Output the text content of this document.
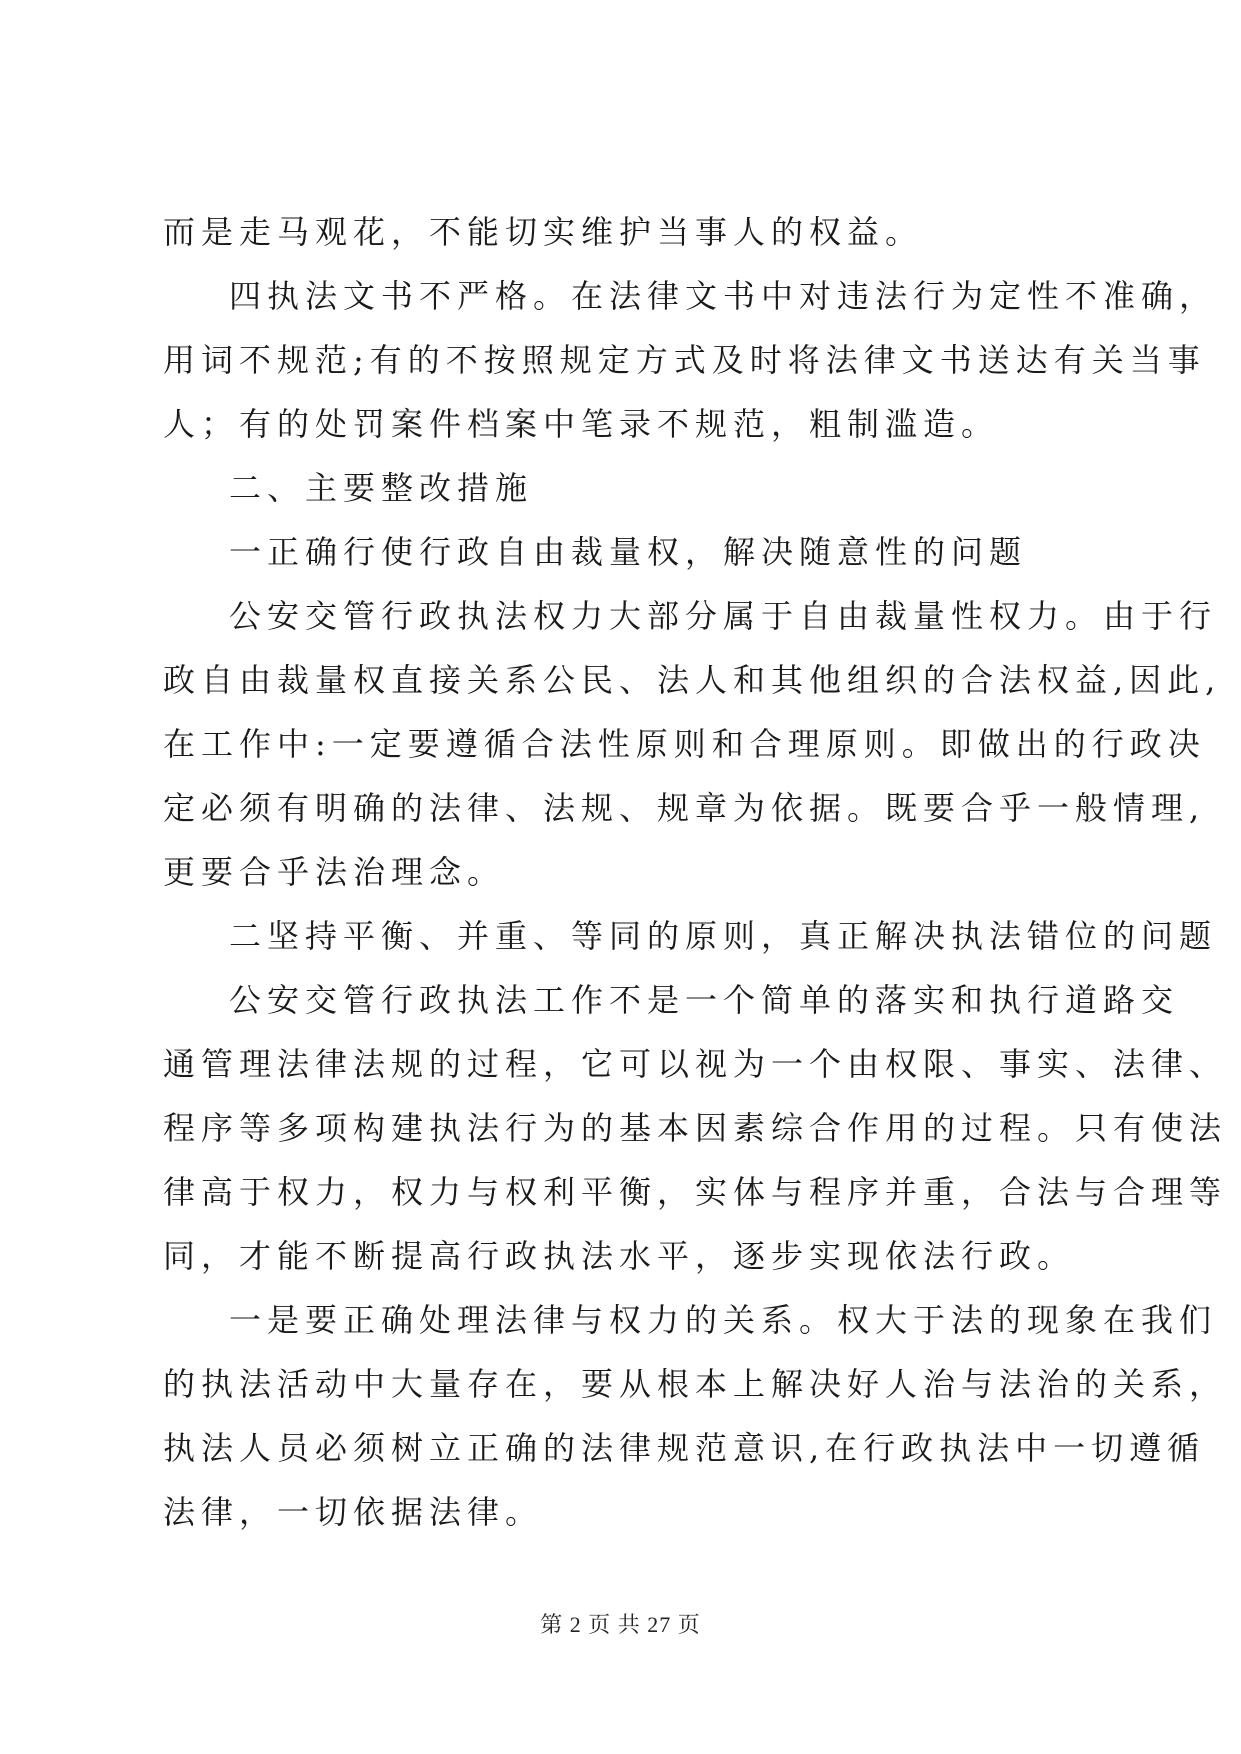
而是走马观花，不能切实维护当事人的权益。
四执法文书不严格。在法律文书中对违法行为定性不准确，
用词不规范;有的不按照规定方式及时将法律文书送达有关当事
人；有的处罚案件档案中笔录不规范，粗制滥造。
二、主要整改措施
一正确行使行政自由裁量权，解决随意性的问题
公安交管行政执法权力大部分属于自由裁量性权力。由于行
政自由裁量权直接关系公民、法人和其他组织的合法权益,因此,
在工作中:一定要遵循合法性原则和合理原则。即做出的行政决
定必须有明确的法律、法规、规章为依据。既要合乎一般情理,
更要合乎法治理念。
二坚持平衡、并重、等同的原则，真正解决执法错位的问题
公安交管行政执法工作不是一个简单的落实和执行道路交
通管理法律法规的过程，它可以视为一个由权限、事实、法律、
程序等多项构建执法行为的基本因素综合作用的过程。只有使法
律高于权力，权力与权利平衡，实体与程序并重，合法与合理等
同，才能不断提高行政执法水平，逐步实现依法行政。
一是要正确处理法律与权力的关系。权大于法的现象在我们
的执法活动中大量存在，要从根本上解决好人治与法治的关系，
执法人员必须树立正确的法律规范意识,在行政执法中一切遵循
法律，一切依据法律。
第 2 页 共 27 页
